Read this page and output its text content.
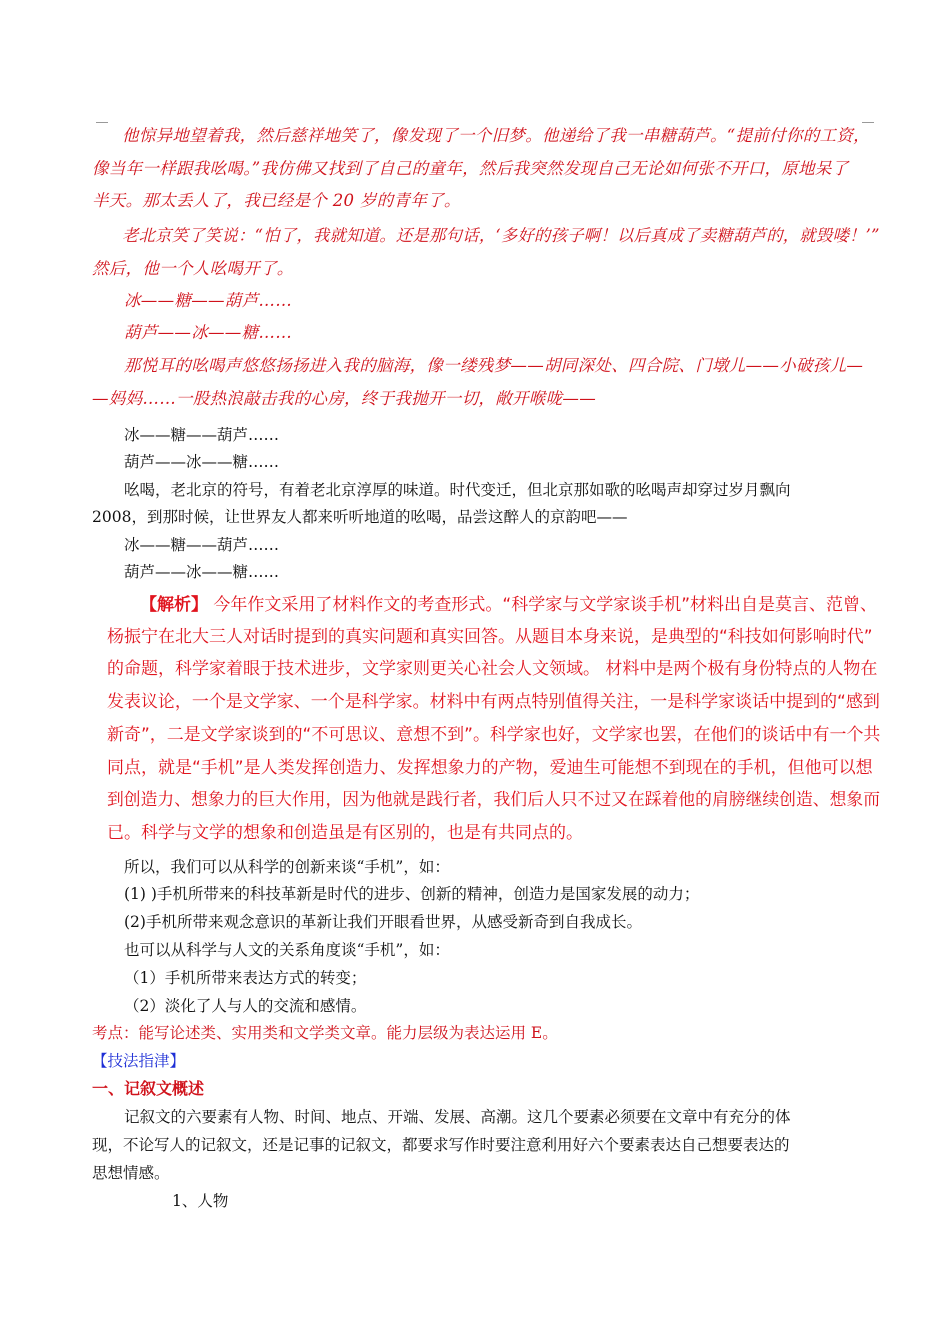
他惊异地望着我，然后慈祥地笑了，像发现了一个旧梦。他递给了我一串糖葫芦。“提前付你的工资，
像当年一样跟我吆喝。”我仿佛又找到了自己的童年，然后我突然发现自己无论如何张不开口，原地呆了
半天。那太丢人了，我已经是个 20 岁的青年了。
老北京笑了笑说：“怕了，我就知道。还是那句话，‘多好的孩子啊！以后真成了卖糖葫芦的，就毁喽！’”
然后，他一个人吆喝开了。
冰——糖——葫芦……
葫芦——冰——糖……
那悦耳的吆喝声悠悠扬扬进入我的脑海，像一缕残梦——胡同深处、四合院、门墩儿——小破孩儿—
—妈妈……一股热浪敲击我的心房，终于我抛开一切，敞开喉咙——
冰——糖——葫芦……
葫芦——冰——糖……
吆喝，老北京的符号，有着老北京淳厚的味道。时代变迁，但北京那如歌的吆喝声却穿过岁月飘向
2008，到那时候，让世界友人都来听听地道的吆喝，品尝这醉人的京韵吧——
冰——糖——葫芦……
葫芦——冰——糖……
【解析】 今年作文采用了材料作文的考查形式。“科学家与文学家谈手机”材料出自是莫言、范曾、
杨振宁在北大三人对话时提到的真实问题和真实回答。从题目本身来说，是典型的“科技如何影响时代”
的命题，科学家着眼于技术进步，文学家则更关心社会人文领域。 材料中是两个极有身份特点的人物在
发表议论，一个是文学家、一个是科学家。材料中有两点特别值得关注，一是科学家谈话中提到的“感到
新奇”，二是文学家谈到的“不可思议、意想不到”。科学家也好，文学家也罢，在他们的谈话中有一个共
同点，就是“手机”是人类发挥创造力、发挥想象力的产物，爱迪生可能想不到现在的手机，但他可以想
到创造力、想象力的巨大作用，因为他就是践行者，我们后人只不过又在踩着他的肩膀继续创造、想象而
已。科学与文学的想象和创造虽是有区别的，也是有共同点的。
所以，我们可以从科学的创新来谈“手机”，如：
(1) )手机所带来的科技革新是时代的进步、创新的精神，创造力是国家发展的动力；
(2)手机所带来观念意识的革新让我们开眼看世界，从感受新奇到自我成长。
也可以从科学与人文的关系角度谈“手机”，如：
（1）手机所带来表达方式的转变；
（2）淡化了人与人的交流和感情。
考点：能写论述类、实用类和文学类文章。能力层级为表达运用 E。
【技法指津】
一、记叙文概述
记叙文的六要素有人物、时间、地点、开端、发展、高潮。这几个要素必须要在文章中有充分的体
现，不论写人的记叙文，还是记事的记叙文，都要求写作时要注意利用好六个要素表达自己想要表达的
思想情感。
1、人物
